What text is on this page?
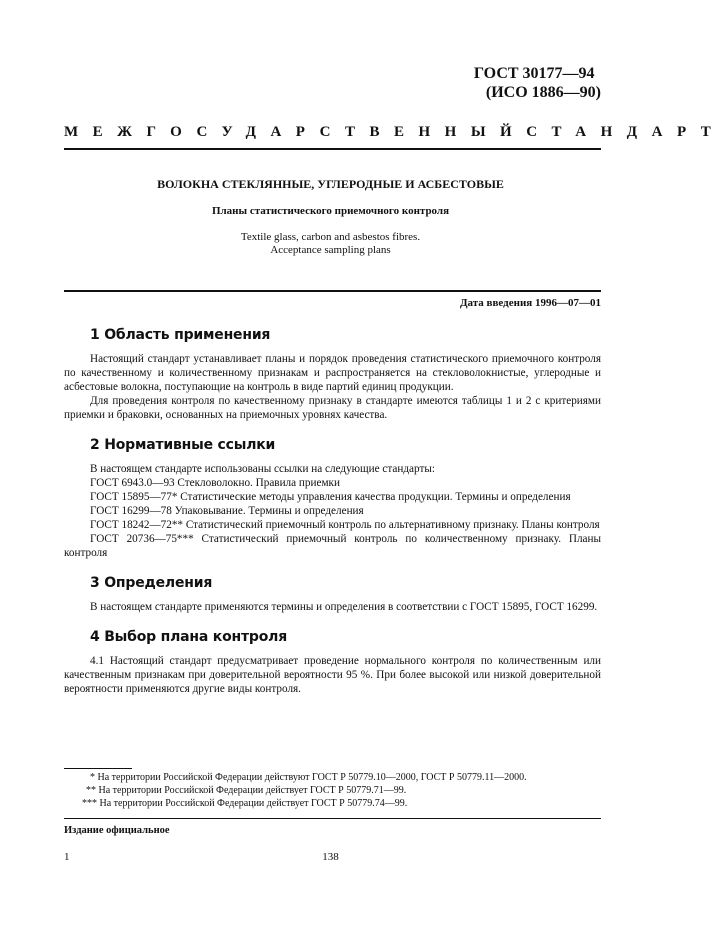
ГОСТ 30177—94
(ИСО 1886—90)
МЕЖГОСУДАРСТВЕННЫЙ СТАНДАРТ
ВОЛОКНА СТЕКЛЯННЫЕ, УГЛЕРОДНЫЕ И АСБЕСТОВЫЕ
Планы статистического приемочного контроля
Textile glass, carbon and asbestos fibres.
Acceptance sampling plans
Дата введения 1996—07—01
1 Область применения

Настоящий стандарт устанавливает планы и порядок проведения статистического приемочного контроля по качественному и количественному признакам и распространяется на стекловолокнистые, углеродные и асбестовые волокна, поступающие на контроль в виде партий единиц продукции.

Для проведения контроля по качественному признаку в стандарте имеются таблицы 1 и 2 с критериями приемки и браковки, основанных на приемочных уровнях качества.

2 Нормативные ссылки

В настоящем стандарте использованы ссылки на следующие стандарты:

ГОСТ 6943.0—93 Стекловолокно. Правила приемки

ГОСТ 15895—77* Статистические методы управления качества продукции. Термины и определения

ГОСТ 16299—78 Упаковывание. Термины и определения

ГОСТ 18242—72** Статистический приемочный контроль по альтернативному признаку. Планы контроля

ГОСТ 20736—75*** Статистический приемочный контроль по количественному признаку. Планы контроля

3 Определения

В настоящем стандарте применяются термины и определения в соответствии с ГОСТ 15895, ГОСТ 16299.

4 Выбор плана контроля

4.1 Настоящий стандарт предусматривает проведение нормального контроля по количественным или качественным признакам при доверительной вероятности 95 %. При более высокой или низкой доверительной вероятности применяются другие виды контроля.

* На территории Российской Федерации действуют ГОСТ Р 50779.10—2000, ГОСТ Р 50779.11—2000.
** На территории Российской Федерации действует ГОСТ Р 50779.71—99.
*** На территории Российской Федерации действует ГОСТ Р 50779.74—99.
Издание официальное
1	138
